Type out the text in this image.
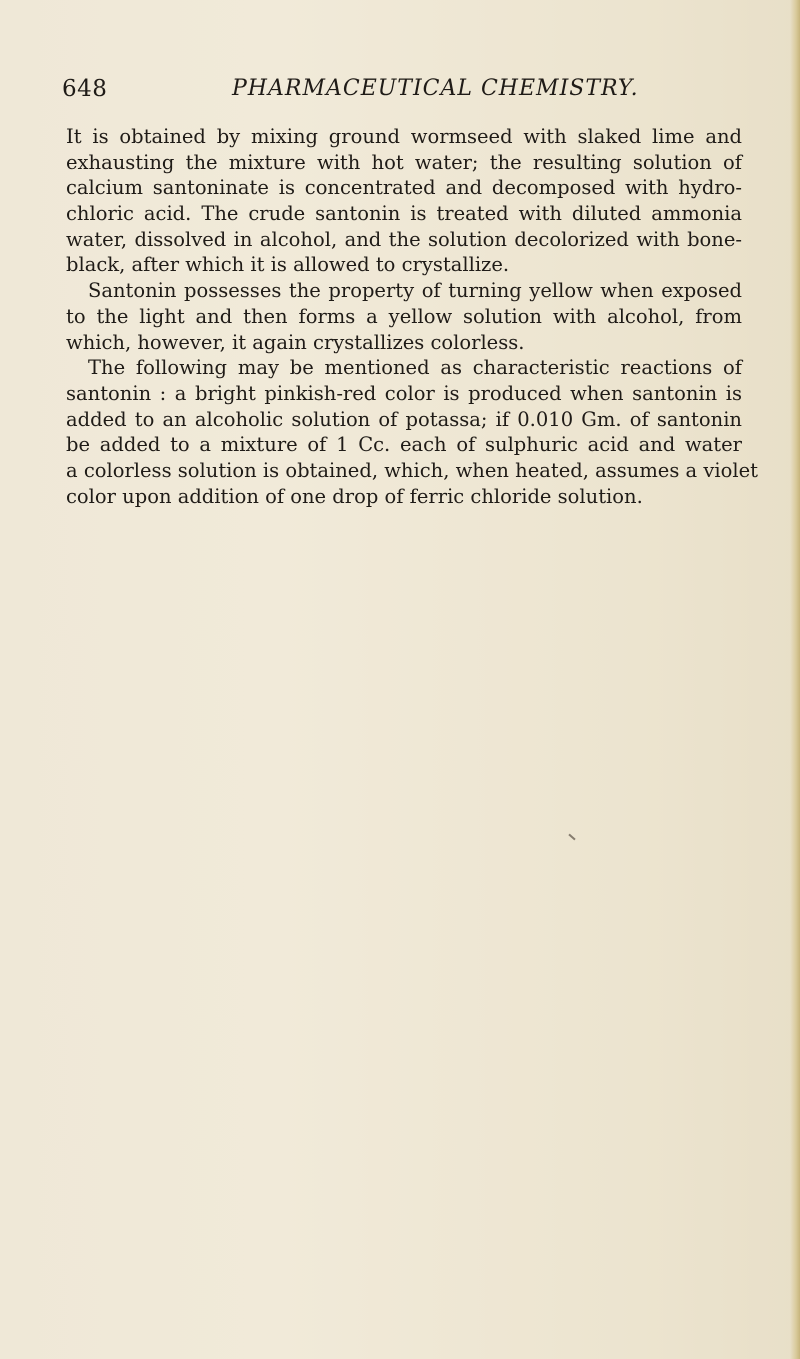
648	PHARMACEUTICAL CHEMISTRY.
It is obtained by mixing ground wormseed with slaked lime and
exhausting the mixture with hot water; the resulting solution of
calcium santoninate is concentrated and decomposed with hydro-
chloric acid. The crude santonin is treated with diluted ammonia
water, dissolved in alcohol, and the solution decolorized with bone-
black, after which it is allowed to crystallize.
Santonin possesses the property of turning yellow when exposed
to the light and then forms a yellow solution with alcohol, from
which, however, it again crystallizes colorless.
The following may be mentioned as characteristic reactions of
santonin : a bright pinkish-red color is produced when santonin is
added to an alcoholic solution of potassa; if 0.010 Gm. of santonin
be added to a mixture of 1 Cc. each of sulphuric acid and water
a colorless solution is obtained, which, when heated, assumes a violet
color upon addition of one drop of ferric chloride solution.
